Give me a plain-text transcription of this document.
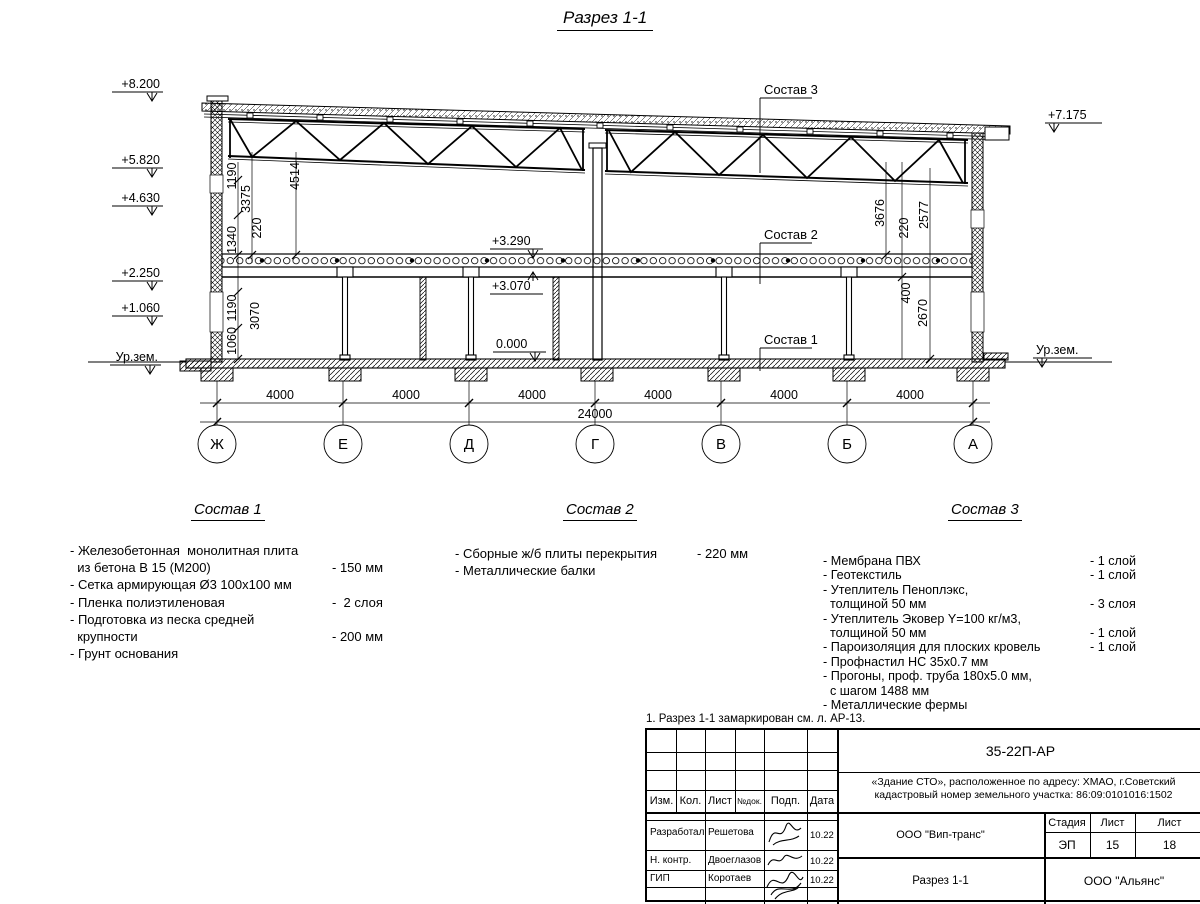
Разрез 1-1
+8.200
+5.820
+4.630
+2.250
+1.060
Ур.зем.
+7.175
Ур.зем.
+3.290
+3.070
0.000
Состав 3
Состав 2
Состав 1
1190
3375
4514
1340 220
1190 3070
1060
3676
220 2577
400
2670
4000	4000	4000	4000	4000	4000
24000
Ж	Е	Д	Г	В	Б	А
Состав 1
- Железобетонная  монолитная плита
из бетона В 15 (М200)	- 150 мм
- Сетка армирующая Ø3 100х100 мм
- Пленка полиэтиленовая	-  2 слоя
- Подготовка из песка средней
крупности	- 200 мм
- Грунт основания
Состав 2
- Сборные ж/б плиты перекрытия	- 220 мм
- Металлические балки
Состав 3
- Мембрана ПВХ	- 1 слой
- Геотекстиль	- 1 слой
- Утеплитель Пеноплэкс,
толщиной 50 мм	- 3 слоя
- Утеплитель Эковер Y=100 кг/м3,
толщиной 50 мм	- 1 слой
- Пароизоляция для плоских кровель	- 1 слой
- Профнастил НС 35х0.7 мм
- Прогоны, проф. труба 180х5.0 мм,
с шагом 1488 мм
- Металлические фермы
1. Разрез 1-1 замаркирован см. л. АР-13.
35-22П-АР
«Здание СТО», расположенное по адресу: ХМАО, г.Советский
кадастровый номер земельного участка: 86:09:0101016:1502
Изм. Кол. Лист №док. Подп. Дата
Разработал Решетова	10.22
Н. контр. Двоеглазов	10.22
ГИП	Коротаев	10.22
ООО "Вип-транс"
Разрез 1-1
Стадия	Лист	Лист
ЭП	15	18
ООО "Альянс"
